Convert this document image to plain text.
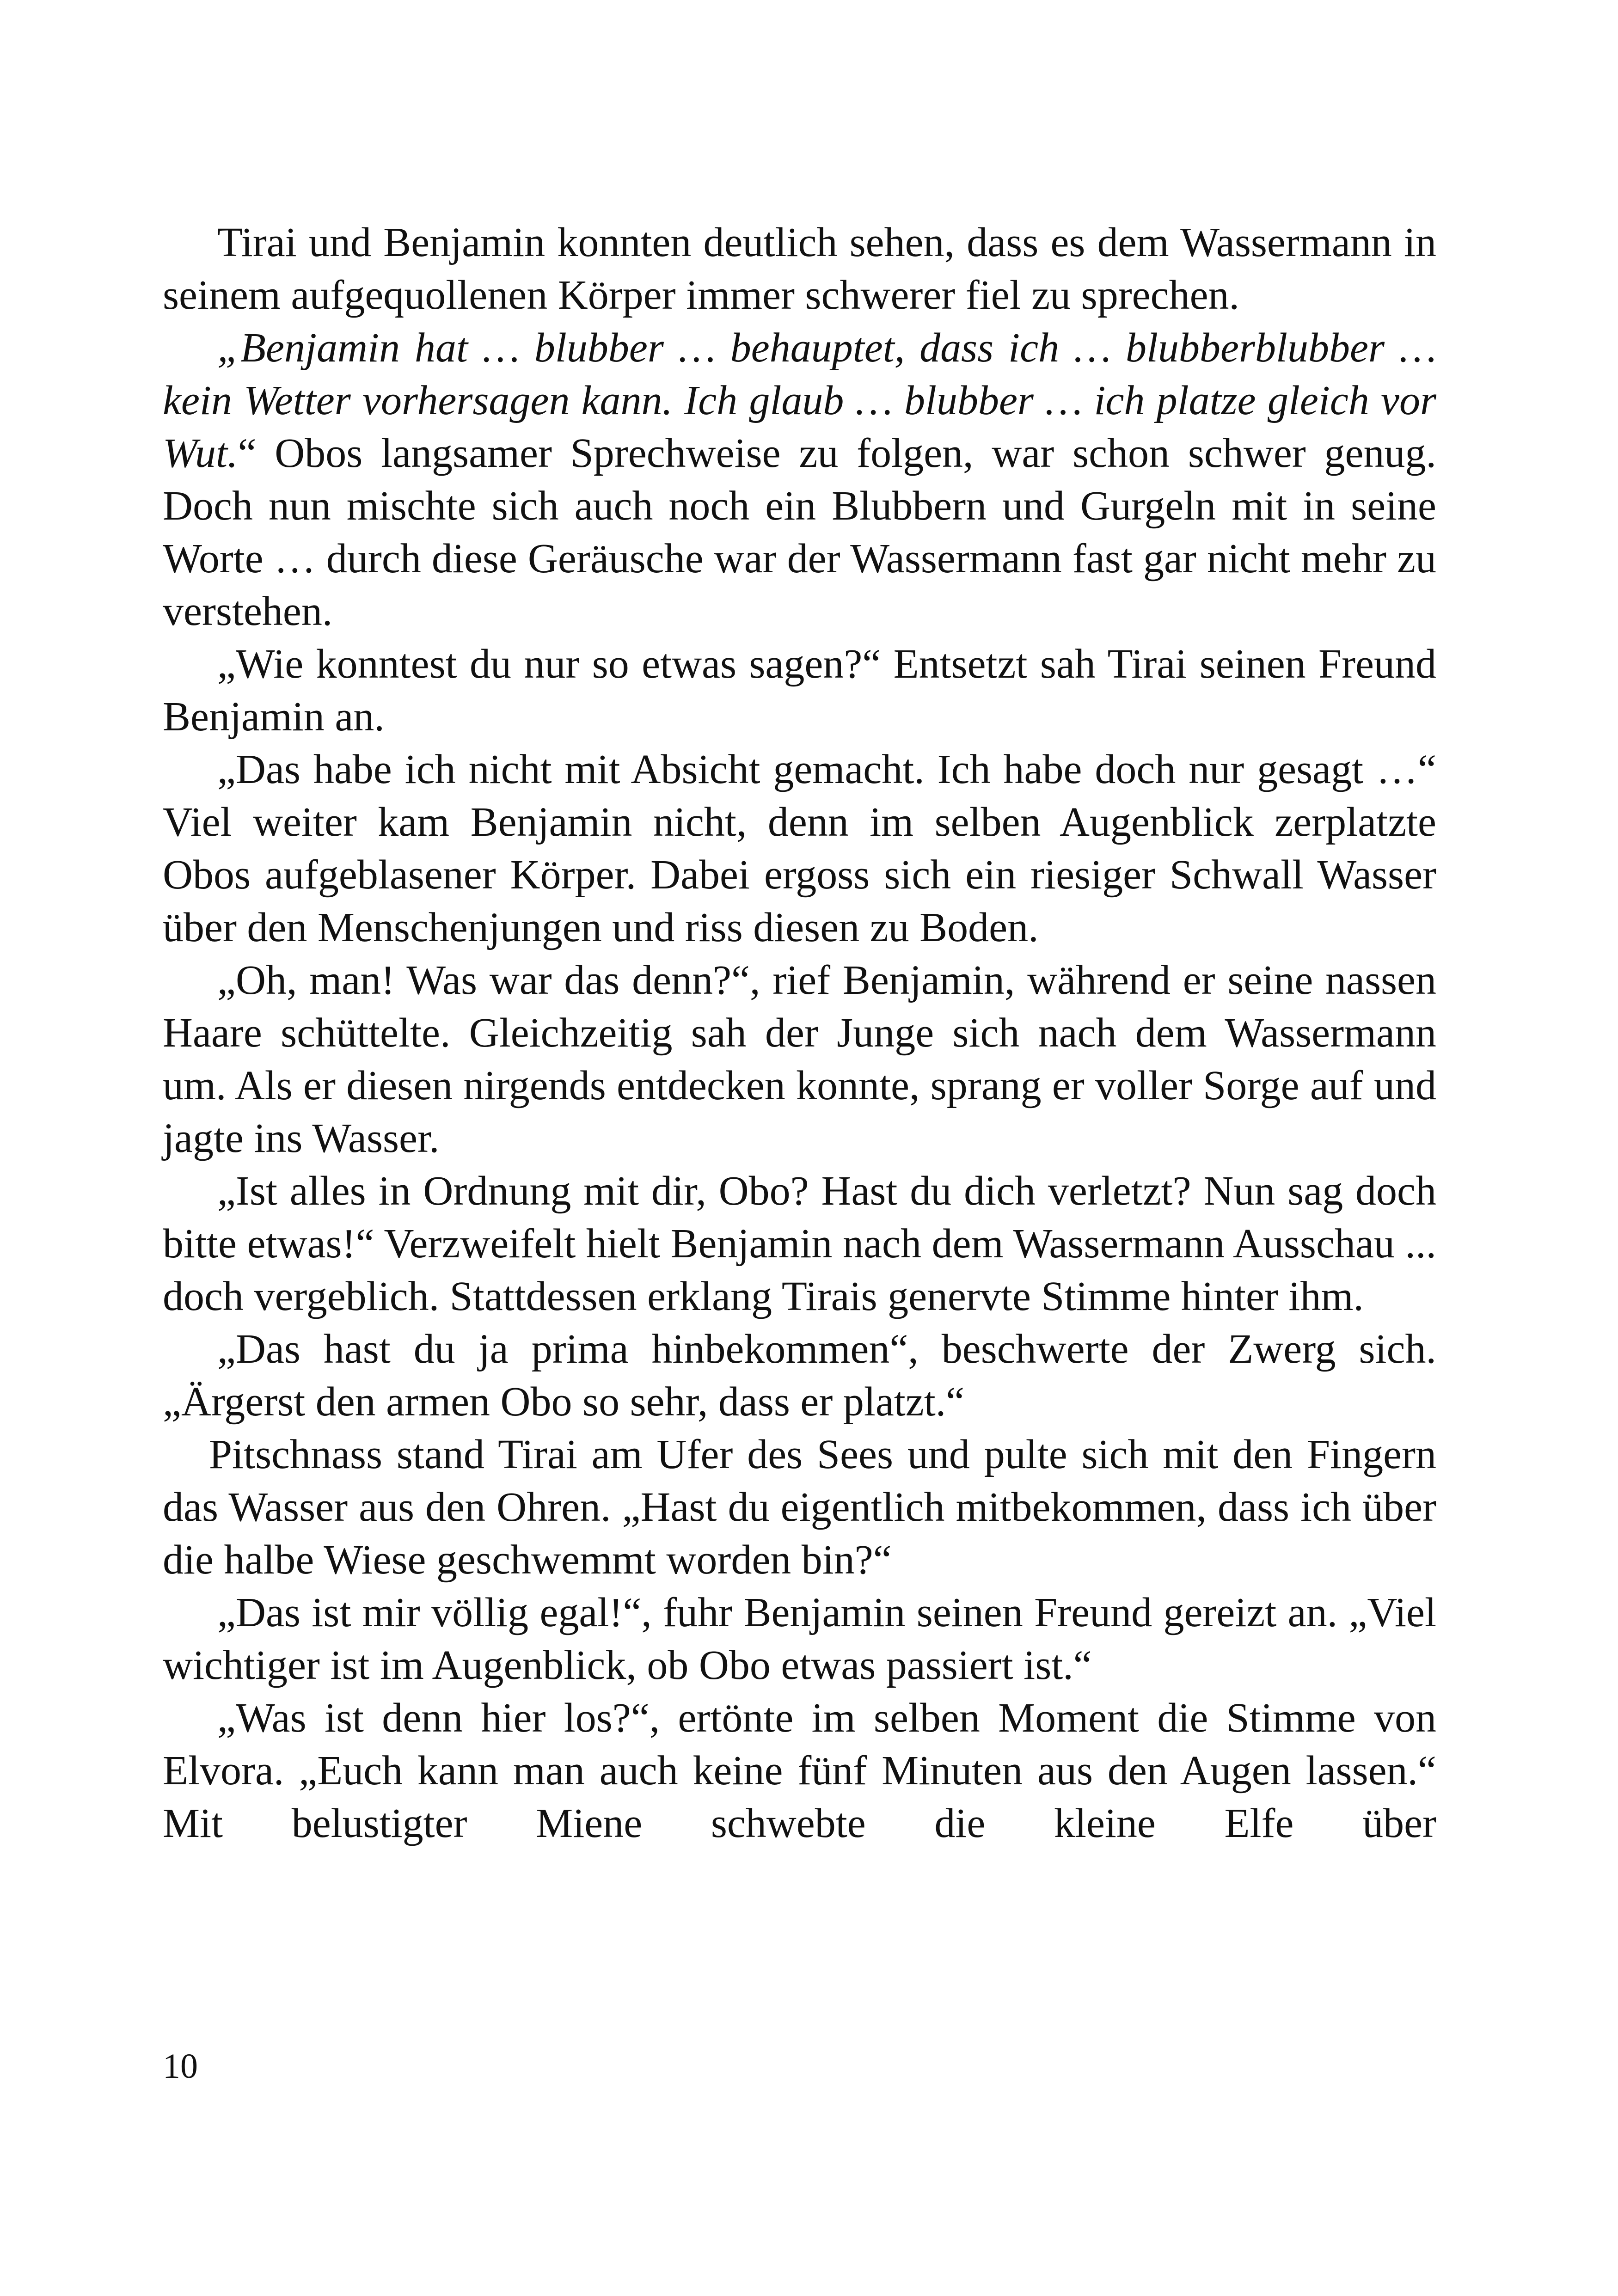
Tirai und Benjamin konnten deutlich sehen, dass es dem Wassermann in seinem aufgequollenen Körper immer schwerer fiel zu sprechen.

„Benjamin hat … blubber … behauptet, dass ich … blubberblubber … kein Wetter vorhersagen kann. Ich glaub … blubber … ich platze gleich vor Wut.“ Obos langsamer Sprechweise zu folgen, war schon schwer genug. Doch nun mischte sich auch noch ein Blubbern und Gurgeln mit in seine Worte … durch diese Geräusche war der Wassermann fast gar nicht mehr zu verstehen.

„Wie konntest du nur so etwas sagen?“ Entsetzt sah Tirai seinen Freund Benjamin an.

„Das habe ich nicht mit Absicht gemacht. Ich habe doch nur gesagt …“ Viel weiter kam Benjamin nicht, denn im selben Augenblick zerplatzte Obos aufgeblasener Körper. Dabei ergoss sich ein riesiger Schwall Wasser über den Menschenjungen und riss diesen zu Boden.

„Oh, man! Was war das denn?“, rief Benjamin, während er seine nassen Haare schüttelte. Gleichzeitig sah der Junge sich nach dem Wassermann um. Als er diesen nirgends entdecken konnte, sprang er voller Sorge auf und jagte ins Wasser.

„Ist alles in Ordnung mit dir, Obo? Hast du dich verletzt? Nun sag doch bitte etwas!“ Verzweifelt hielt Benjamin nach dem Wassermann Ausschau ... doch vergeblich. Stattdessen erklang Tirais genervte Stimme hinter ihm.

„Das hast du ja prima hinbekommen“, beschwerte der Zwerg sich. „Ärgerst den armen Obo so sehr, dass er platzt.“

Pitschnass stand Tirai am Ufer des Sees und pulte sich mit den Fingern das Wasser aus den Ohren. „Hast du eigentlich mitbekommen, dass ich über die halbe Wiese geschwemmt worden bin?“

„Das ist mir völlig egal!“, fuhr Benjamin seinen Freund gereizt an. „Viel wichtiger ist im Augenblick, ob Obo etwas passiert ist.“

„Was ist denn hier los?“, ertönte im selben Moment die Stimme von Elvora. „Euch kann man auch keine fünf Minuten aus den Augen lassen.“ Mit belustigter Miene schwebte die kleine Elfe über

10
